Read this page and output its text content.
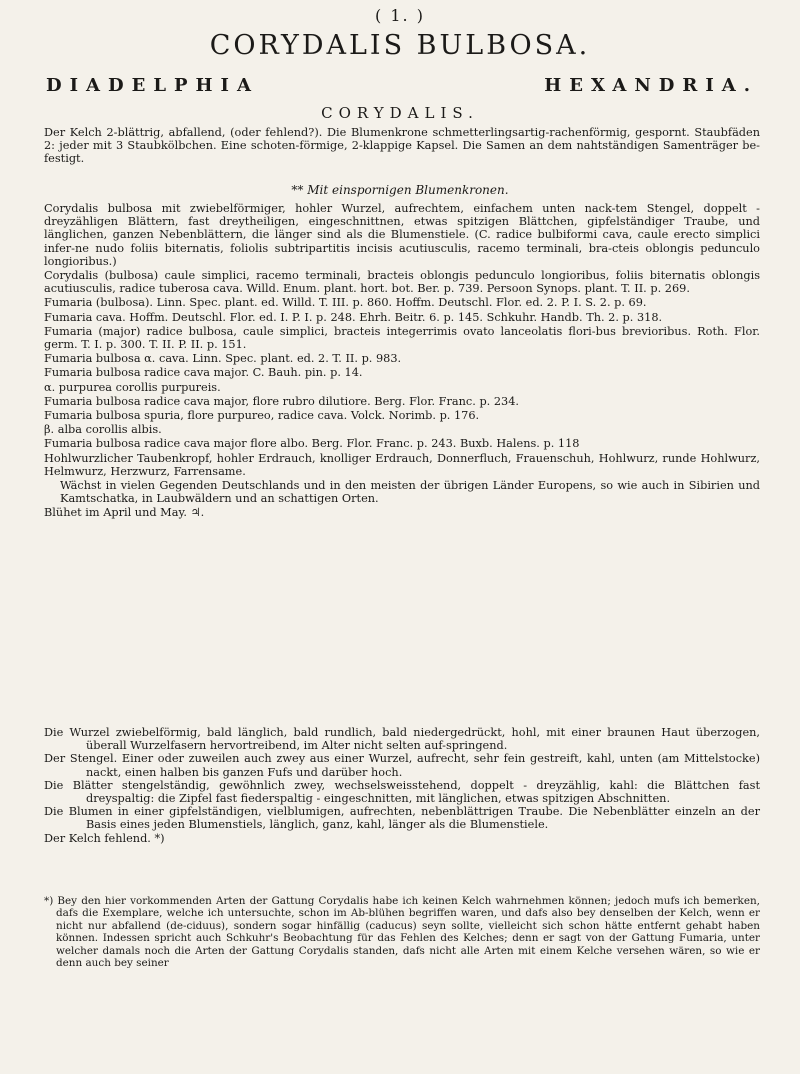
( 1. )
CORYDALIS BULBOSA.
DIADELPHIA	HEXANDRIA.
CORYDALIS.
Der Kelch 2-blättrig, abfallend, (oder fehlend?). Die Blumenkrone schmetterlingsartig-rachenförmig, gespornt. Staubfäden 2: jeder mit 3 Staubkölbchen. Eine schoten-förmige, 2-klappige Kapsel. Die Samen an dem nahtständigen Samenträger be-festigt.
** Mit einspornigen Blumenkronen.

Corydalis bulbosa mit zwiebelförmiger, hohler Wurzel, aufrechtem, einfachem unten nack-tem Stengel, doppelt - dreyzähligen Blättern, fast dreytheiligen, eingeschnittnen, etwas spitzigen Blättchen, gipfelständiger Traube, und länglichen, ganzen Nebenblättern, die länger sind als die Blumenstiele. (C. radice bulbiformi cava, caule erecto simplici infer-ne nudo foliis biternatis, foliolis subtripartitis incisis acutiusculis, racemo terminali, bra-cteis oblongis pedunculo longioribus.)

Corydalis (bulbosa) caule simplici, racemo terminali, bracteis oblongis pedunculo longioribus, foliis biternatis oblongis acutiusculis, radice tuberosa cava. Willd. Enum. plant. hort. bot. Ber. p. 739. Persoon Synops. plant. T. II. p. 269.

Fumaria (bulbosa). Linn. Spec. plant. ed. Willd. T. III. p. 860. Hoffm. Deutschl. Flor. ed. 2. P. I. S. 2. p. 69.

Fumaria cava. Hoffm. Deutschl. Flor. ed. I. P. I. p. 248. Ehrh. Beitr. 6. p. 145. Schkuhr. Handb. Th. 2. p. 318.

Fumaria (major) radice bulbosa, caule simplici, bracteis integerrimis ovato lanceolatis flori-bus brevioribus. Roth. Flor. germ. T. I. p. 300. T. II. P. II. p. 151.

Fumaria bulbosa α. cava. Linn. Spec. plant. ed. 2. T. II. p. 983.

Fumaria bulbosa radice cava major. C. Bauh. pin. p. 14.

α. purpurea corollis purpureis.

Fumaria bulbosa radice cava major, flore rubro dilutiore. Berg. Flor. Franc. p. 234.

Fumaria bulbosa spuria, flore purpureo, radice cava. Volck. Norimb. p. 176.

β. alba corollis albis.

Fumaria bulbosa radice cava major flore albo. Berg. Flor. Franc. p. 243. Buxb. Halens. p. 118

Hohlwurzlicher Taubenkropf, hohler Erdrauch, knolliger Erdrauch, Donnerfluch, Frauenschuh, Hohlwurz, runde Hohlwurz, Helmwurz, Herzwurz, Farrensame.

Wächst in vielen Gegenden Deutschlands und in den meisten der übrigen Länder Europens, so wie auch in Sibirien und Kamtschatka, in Laubwäldern und an schattigen Orten.

Blühet im April und May. ♃.

Die Wurzel zwiebelförmig, bald länglich, bald rundlich, bald niedergedrückt, hohl, mit einer braunen Haut überzogen, überall Wurzelfasern hervortreibend, im Alter nicht selten auf-springend.

Der Stengel. Einer oder zuweilen auch zwey aus einer Wurzel, aufrecht, sehr fein gestreift, kahl, unten (am Mittelstocke) nackt, einen halben bis ganzen Fufs und darüber hoch.

Die Blätter stengelständig, gewöhnlich zwey, wechselsweisstehend, doppelt - dreyzählig, kahl: die Blättchen fast dreyspaltig: die Zipfel fast fiederspaltig - eingeschnitten, mit länglichen, etwas spitzigen Abschnitten.

Die Blumen in einer gipfelständigen, vielblumigen, aufrechten, nebenblättrigen Traube. Die Nebenblätter einzeln an der Basis eines jeden Blumenstiels, länglich, ganz, kahl, länger als die Blumenstiele.

Der Kelch fehlend. *)

*) Bey den hier vorkommenden Arten der Gattung Corydalis habe ich keinen Kelch wahrnehmen können; jedoch mufs ich bemerken, dafs die Exemplare, welche ich untersuchte, schon im Ab-blühen begriffen waren, und dafs also bey denselben der Kelch, wenn er nicht nur abfallend (de-ciduus), sondern sogar hinfällig (caducus) seyn sollte, vielleicht sich schon hätte entfernt gehabt haben können. Indessen spricht auch Schkuhr's Beobachtung für das Fehlen des Kelches; denn er sagt von der Gattung Fumaria, unter welcher damals noch die Arten der Gattung Corydalis standen, dafs nicht alle Arten mit einem Kelche versehen wären, so wie er denn auch bey seiner
